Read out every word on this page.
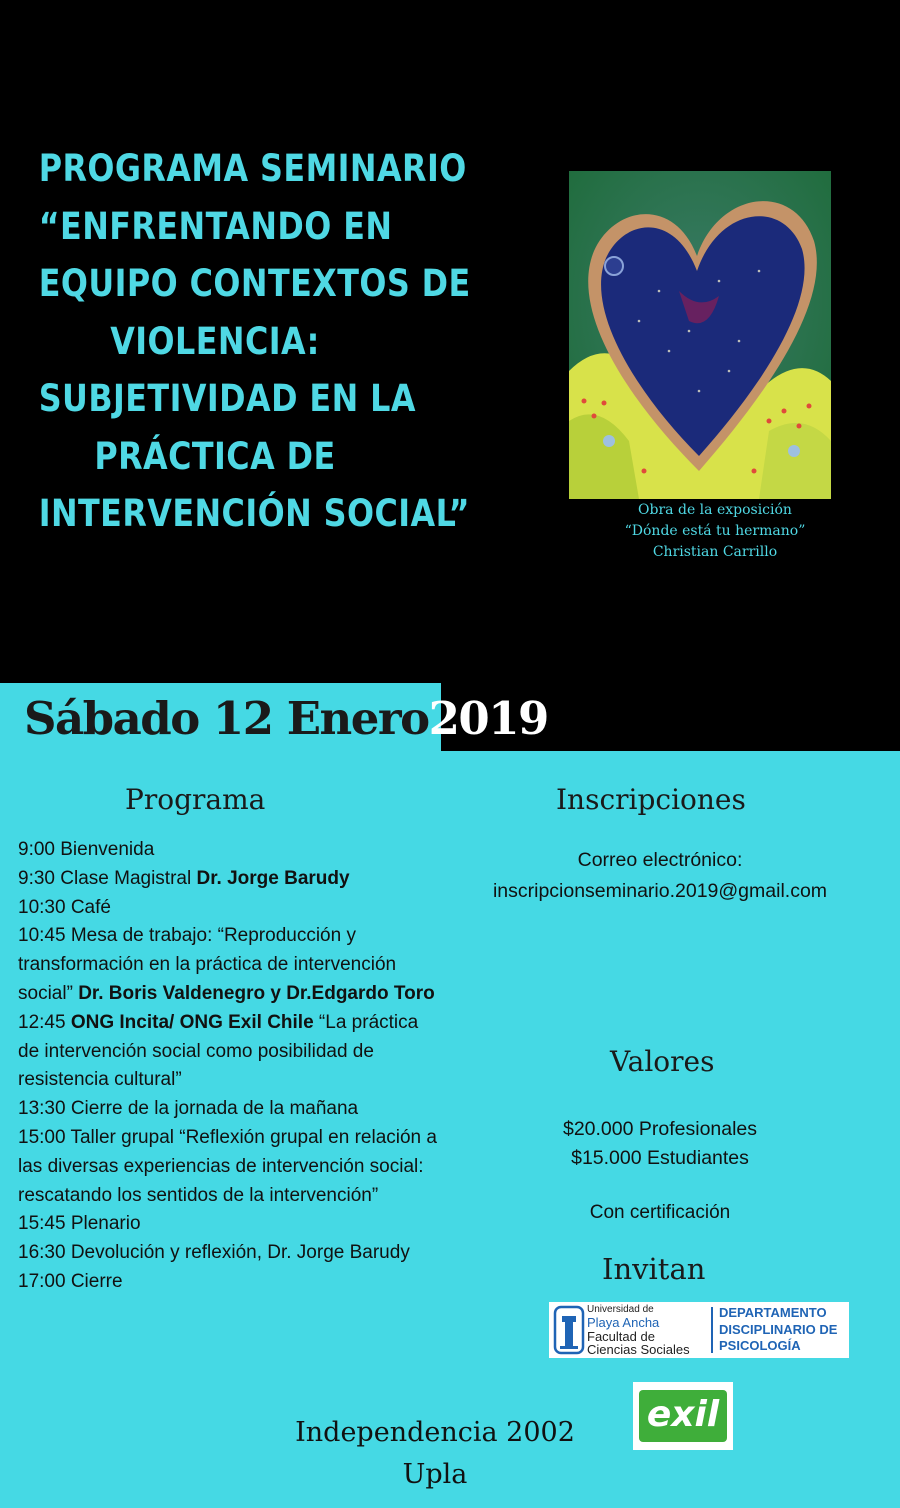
PROGRAMA SEMINARIO
“ENFRENTANDO EN
EQUIPO CONTEXTOS DE
VIOLENCIA:
SUBJETIVIDAD EN LA
PRÁCTICA DE
INTERVENCIÓN SOCIAL”	Obra de la exposición
“Dónde está tu hermano”
Christian Carrillo
Sábado 12 Enero2019
Programa
9:00 Bienvenida
9:30 Clase Magistral Dr. Jorge Barudy
10:30 Café
10:45 Mesa de trabajo: “Reproducción y transformación en la práctica de intervención social” Dr. Boris Valdenegro y Dr.Edgardo Toro
12:45 ONG Incita/ ONG Exil Chile “La práctica de intervención social como posibilidad de resistencia cultural”
13:30 Cierre de la jornada de la mañana
15:00 Taller grupal “Reflexión grupal en relación a las diversas experiencias de intervención social: rescatando los sentidos de la intervención”
15:45 Plenario
16:30 Devolución y reflexión, Dr. Jorge Barudy
17:00 Cierre
Inscripciones
Correo electrónico:
inscripcionseminario.2019@gmail.com
Valores
$20.000 Profesionales
$15.000 Estudiantes
Con certificación
Invitan
Universidad de
Playa Ancha
Facultad de
Ciencias Sociales
DEPARTAMENTO
DISCIPLINARIO DE
PSICOLOGÍA
exil
Independencia 2002
Upla
